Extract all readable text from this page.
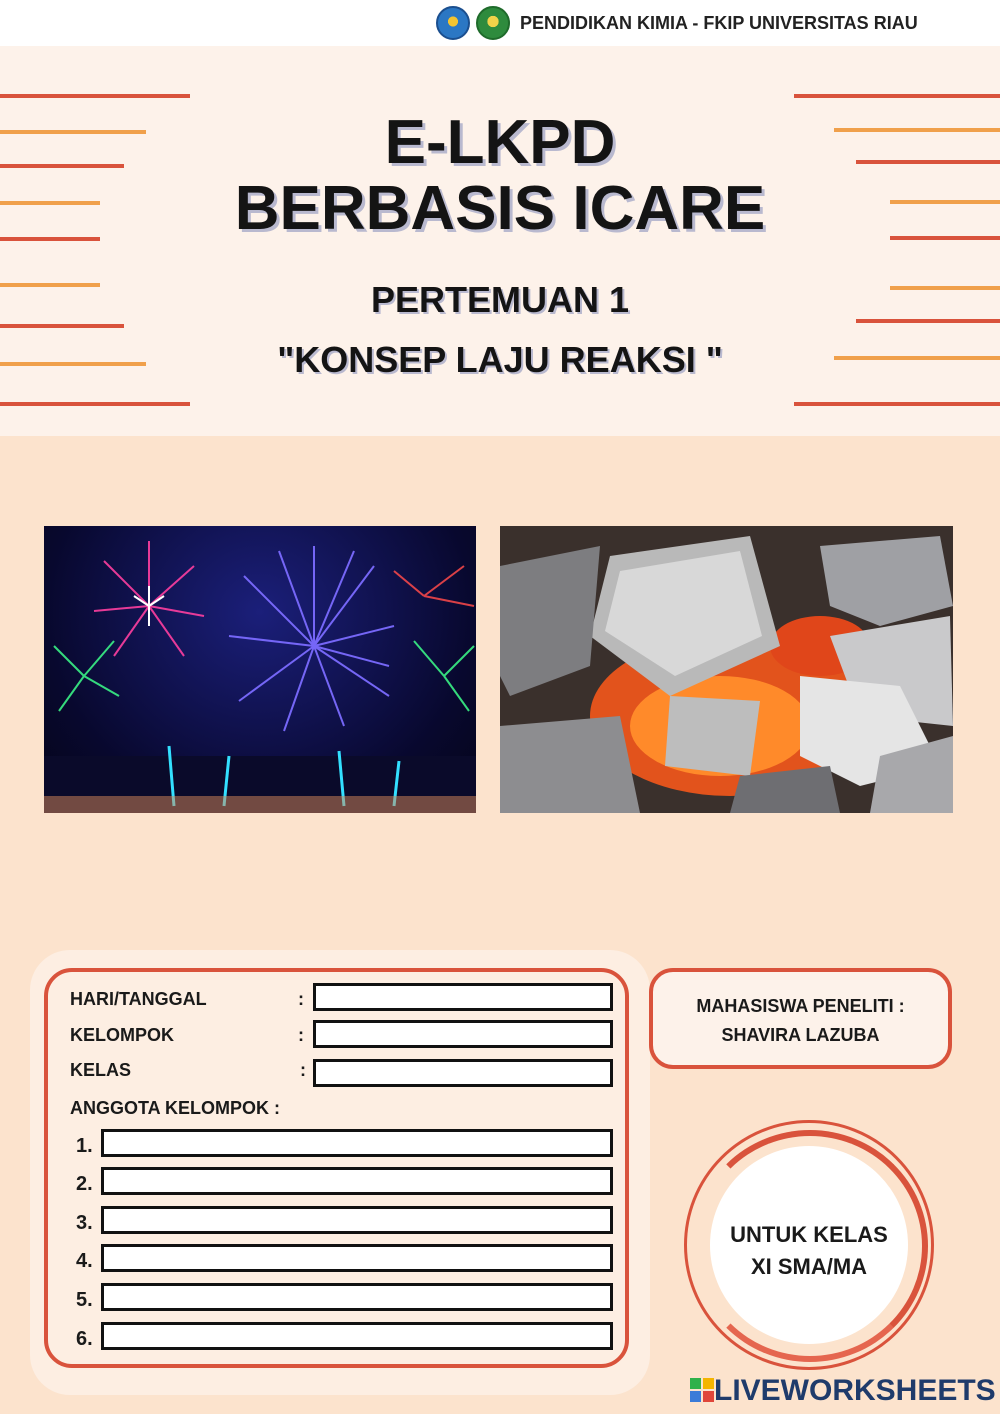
PENDIDIKAN KIMIA - FKIP UNIVERSITAS RIAU
E-LKPD
BERBASIS ICARE
PERTEMUAN 1
"KONSEP LAJU REAKSI "
HARI/TANGGAL	:
KELOMPOK	:
KELAS	:
ANGGOTA KELOMPOK :
1.
2.
3.
4.
5.
6.
MAHASISWA PENELITI :
SHAVIRA LAZUBA
UNTUK KELAS
XI SMA/MA
LIVEWORKSHEETS
